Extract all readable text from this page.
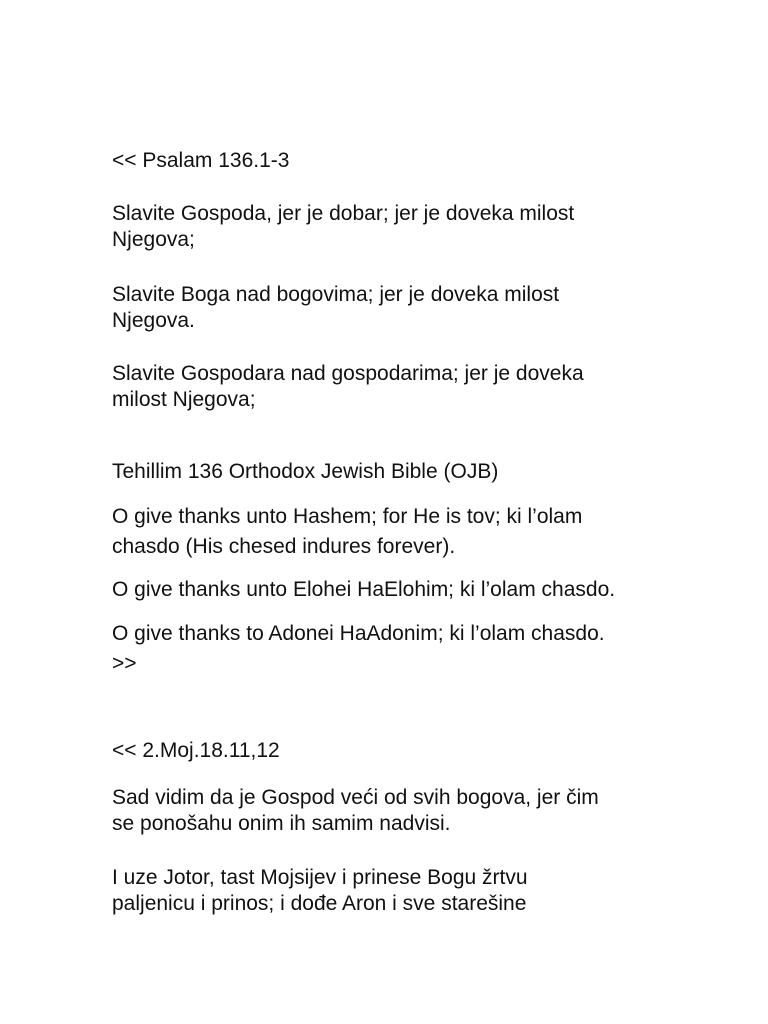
<< Psalam 136.1-3
Slavite Gospoda, jer je dobar; jer je doveka milost
Njegova;
Slavite Boga nad bogovima; jer je doveka milost
Njegova.
Slavite Gospodara nad gospodarima; jer je doveka
milost Njegova;
Tehillim 136 Orthodox Jewish Bible (OJB)
O give thanks unto Hashem; for He is tov; ki l’olam
chasdo (His chesed indures forever).
O give thanks unto Elohei HaElohim; ki l’olam chasdo.
O give thanks to Adonei HaAdonim; ki l’olam chasdo.
>>
<< 2.Moj.18.11,12
Sad vidim da je Gospod veći od svih bogova, jer čim
se ponošahu onim ih samim nadvisi.
I uze Jotor, tast Mojsijev i prinese Bogu žrtvu
paljenicu i prinos; i dođe Aron i sve starešine
